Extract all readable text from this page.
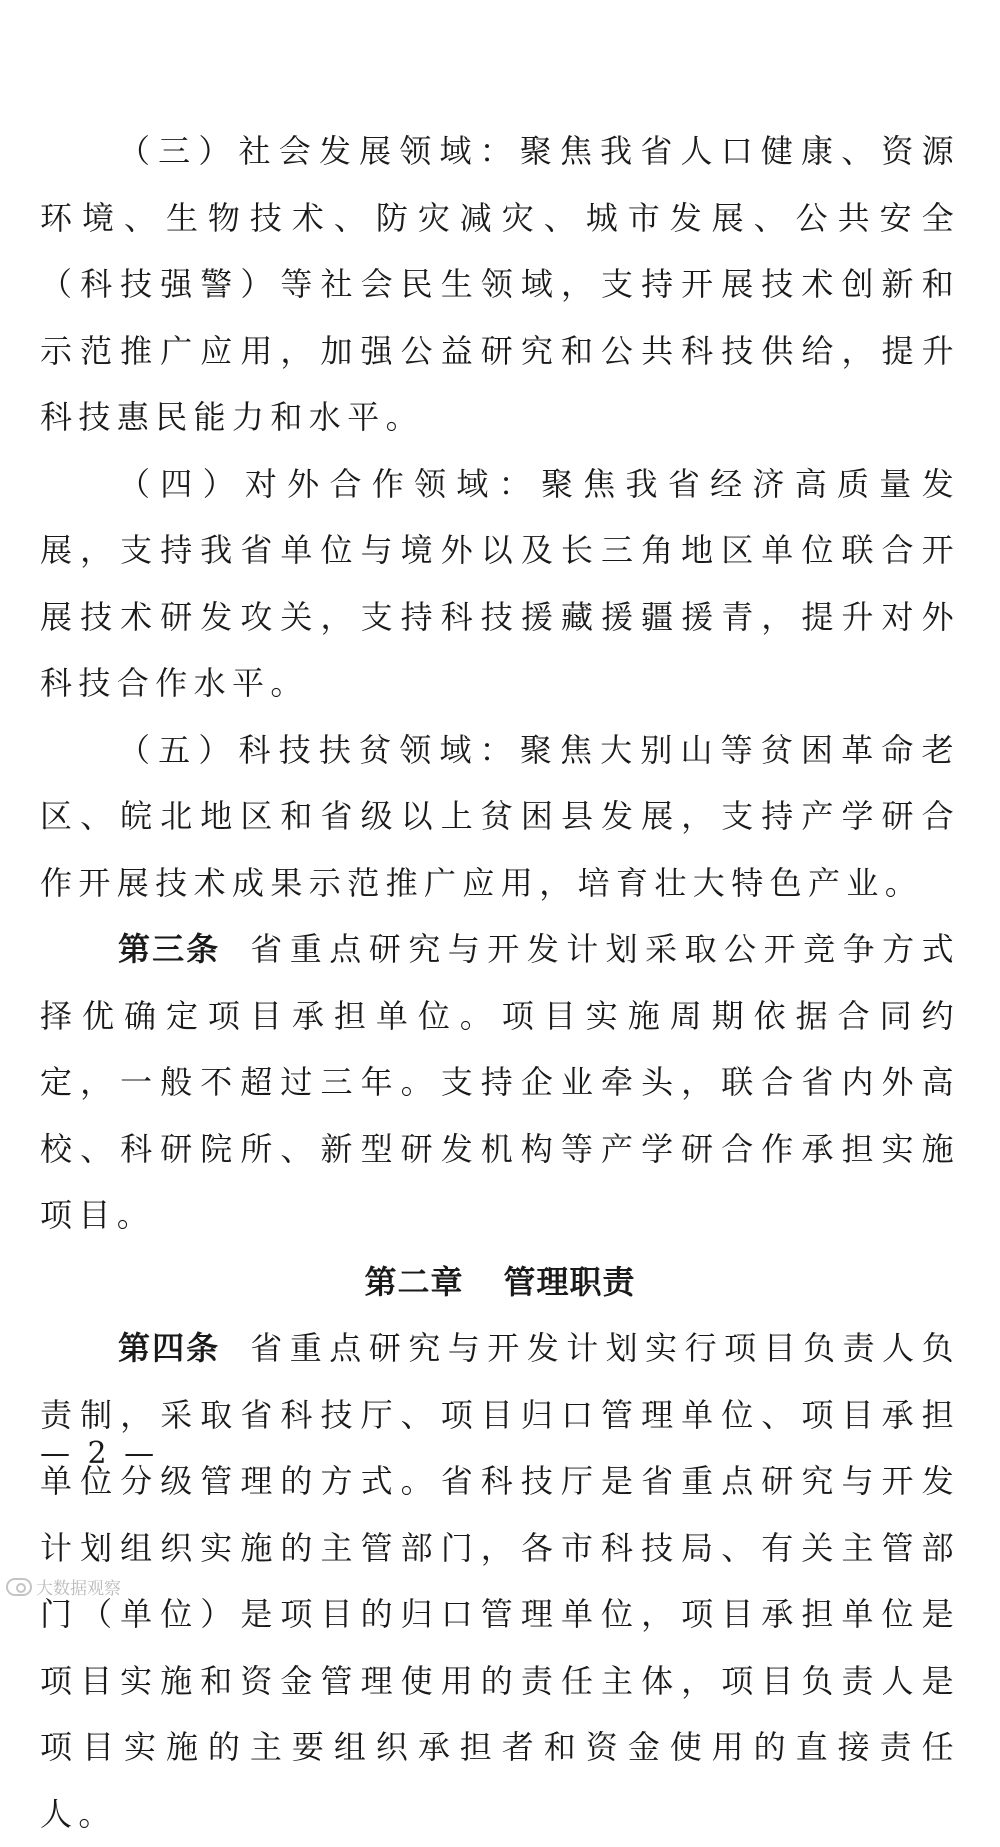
（三）社会发展领域：聚焦我省人口健康、资源环境、生物技术、防灾减灾、城市发展、公共安全（科技强警）等社会民生领域，支持开展技术创新和示范推广应用，加强公益研究和公共科技供给，提升科技惠民能力和水平。

（四）对外合作领域：聚焦我省经济高质量发展，支持我省单位与境外以及长三角地区单位联合开展技术研发攻关，支持科技援藏援疆援青，提升对外科技合作水平。

（五）科技扶贫领域：聚焦大别山等贫困革命老区、皖北地区和省级以上贫困县发展，支持产学研合作开展技术成果示范推广应用，培育壮大特色产业。

第三条 省重点研究与开发计划采取公开竞争方式择优确定项目承担单位。项目实施周期依据合同约定，一般不超过三年。支持企业牵头，联合省内外高校、科研院所、新型研发机构等产学研合作承担实施项目。

第二章 管理职责

第四条 省重点研究与开发计划实行项目负责人负责制，采取省科技厅、项目归口管理单位、项目承担单位分级管理的方式。省科技厅是省重点研究与开发计划组织实施的主管部门，各市科技局、有关主管部门（单位）是项目的归口管理单位，项目承担单位是项目实施和资金管理使用的责任主体，项目负责人是项目实施的主要组织承担者和资金使用的直接责任人。

— 2 —
大数据观察
